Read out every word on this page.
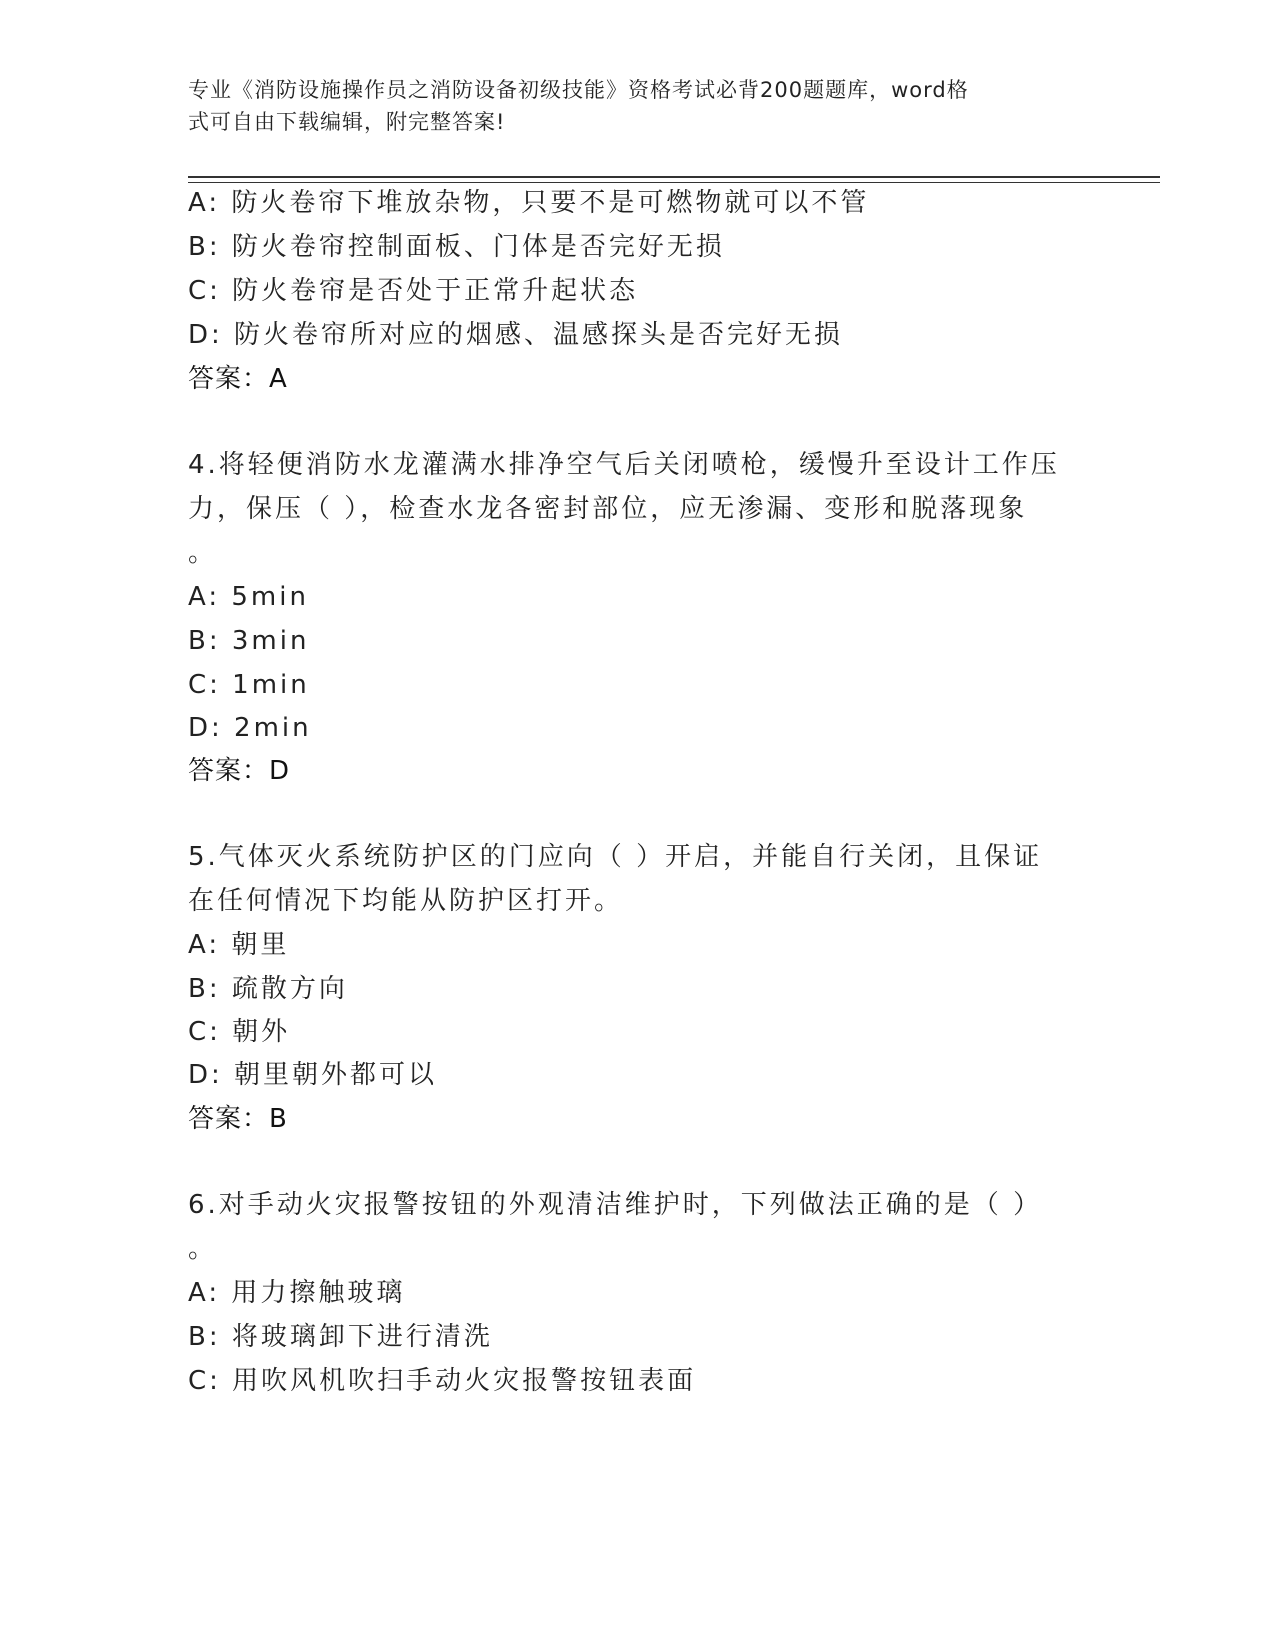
专业《消防设施操作员之消防设备初级技能》资格考试必背200题题库，word格
式可自由下载编辑，附完整答案!
A: 防火卷帘下堆放杂物，只要不是可燃物就可以不管
B: 防火卷帘控制面板、门体是否完好无损
C: 防火卷帘是否处于正常升起状态
D: 防火卷帘所对应的烟感、温感探头是否完好无损
答案：A
4.将轻便消防水龙灌满水排净空气后关闭喷枪，缓慢升至设计工作压
力，保压（ ），检查水龙各密封部位，应无渗漏、变形和脱落现象
。
A: 5min
B: 3min
C: 1min
D: 2min
答案：D
5.气体灭火系统防护区的门应向（ ）开启，并能自行关闭，且保证
在任何情况下均能从防护区打开。
A: 朝里
B: 疏散方向
C: 朝外
D: 朝里朝外都可以
答案：B
6.对手动火灾报警按钮的外观清洁维护时，下列做法正确的是（ ）
。
A: 用力擦触玻璃
B: 将玻璃卸下进行清洗
C: 用吹风机吹扫手动火灾报警按钮表面
